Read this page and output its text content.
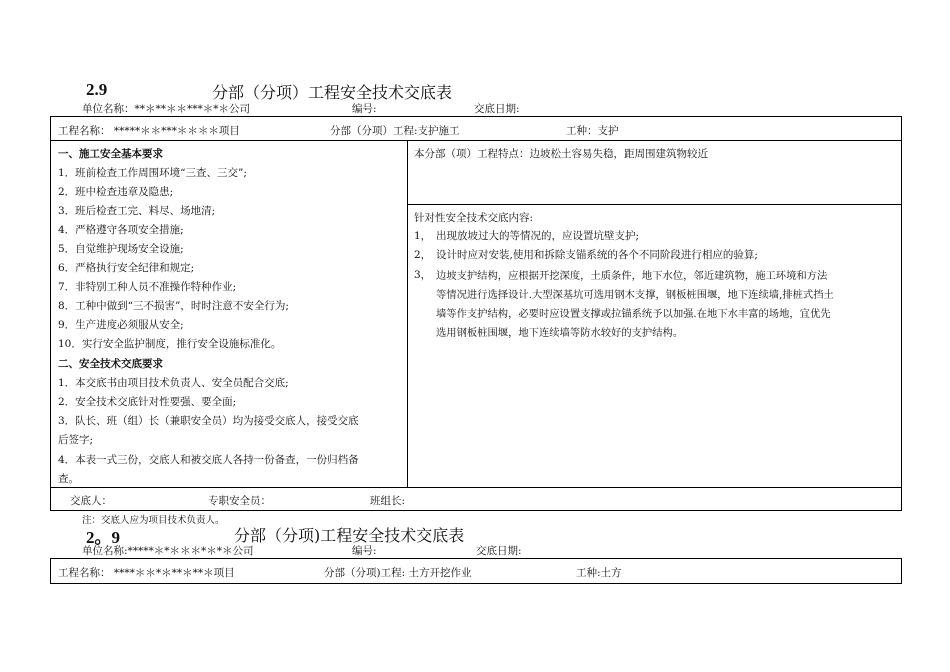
2.9	分部（分项）工程安全技术交底表
单位名称：**＊**＊＊***＊*＊公司	编号:	交底日期:
工程名称： *****＊＊***＊＊＊＊项目	分部（分项）工程:支护施工	工种：支护
一、施工安全基本要求
1．班前检查工作周围环境“三查、三交”;
2．班中检查违章及隐患;
3．班后检查工完、料尽、场地清;
4．严格遵守各项安全措施;
5．自觉维护现场安全设施;
6．严格执行安全纪律和规定;
7．非特别工种人员不准操作特种作业;
8．工种中做到“三不损害”，时时注意不安全行为;
9．生产进度必须服从安全;
10．实行安全监护制度，推行安全设施标准化。
二、安全技术交底要求
1．本交底书由项目技术负责人、安全员配合交底;
2．安全技术交底针对性要强、要全面;
3．队长、班（组）长（兼职安全员）均为接受交底人，接受交底
后签字;
4．本表一式三份，交底人和被交底人各持一份备查，一份归档备
查。
本分部（项）工程特点：边坡松土容易失稳，距周围建筑物较近
针对性安全技术交底内容:
1， 出现放坡过大的等情况的，应设置坑壁支护;
2， 设计时应对安装,使用和拆除支锚系统的各个不同阶段进行相应的验算;
3， 边坡支护结构，应根据开挖深度，土质条件，地下水位，邻近建筑物，施工环境和方法
等情况进行选择设计.大型深基坑可选用钢木支撑，钢板桩围堰，地下连续墙,排桩式挡土
墙等作支护结构，必要时应设置支撑或拉锚系统予以加强.在地下水丰富的场地，宜优先
选用钢板桩围堰，地下连续墙等防水较好的支护结构。
交底人：	专职安全员：	班组长:
注：交底人应为项目技术负责人。
2。9	分部（分项)工程安全技术交底表
单位名称:*****＊*＊＊＊*＊*＊公司	编号:	交底日期:
工程名称： ****＊＊*＊**＊**＊项目	分部（分项)工程: 土方开挖作业	工种:土方
